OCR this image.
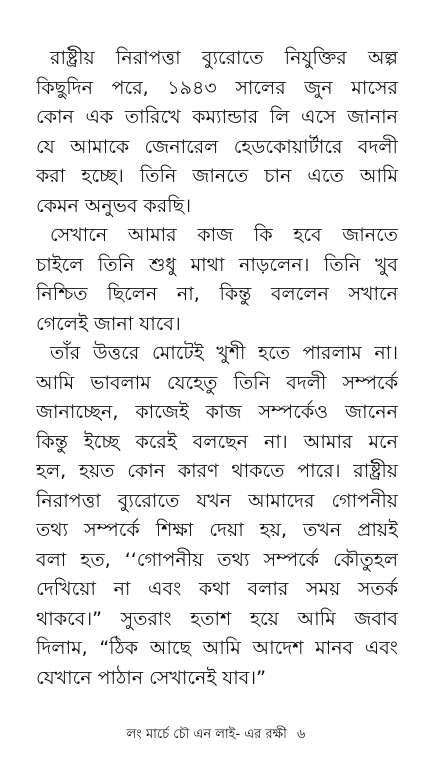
রাষ্ট্রীয় নিরাপত্তা ব্যুরোতে নিযুক্তির অল্প
কিছুদিন পরে, ১৯৪৩ সালের জুন মাসের
কোন এক তারিখে কম্যান্ডার লি এসে জানান
যে আমাকে জেনারেল হেডকোয়ার্টারে বদলী
করা হচ্ছে। তিনি জানতে চান এতে আমি
কেমন অনুভব করছি।
সেখানে আমার কাজ কি হবে জানতে
চাইলে তিনি শুধু মাথা নাড়লেন। তিনি খুব
নিশ্চিত ছিলেন না, কিন্তু বললেন সখানে
গেলেই জানা যাবে।
তাঁর উত্তরে মোটেই খুশী হতে পারলাম না।
আমি ভাবলাম যেহেতু তিনি বদলী সম্পর্কে
জানাচ্ছেন, কাজেই কাজ সম্পর্কেও জানেন
কিন্তু ইচ্ছে করেই বলছেন না। আমার মনে
হল, হয়ত কোন কারণ থাকতে পারে। রাষ্ট্রীয়
নিরাপত্তা ব্যুরোতে যখন আমাদের গোপনীয়
তথ্য সম্পর্কে শিক্ষা দেয়া হয়, তখন প্রায়ই
বলা হত, ‘‘গোপনীয় তথ্য সম্পর্কে কৌতুহল
দেখিয়ো না এবং কথা বলার সময় সতর্ক
থাকবে।” সুতরাং হতাশ হয়ে আমি জবাব
দিলাম, “ঠিক আছে আমি আদেশ মানব এবং
যেখানে পাঠান সেখানেই যাব।”
লং মার্চে চৌ এন লাই- এর রক্ষী ৬
